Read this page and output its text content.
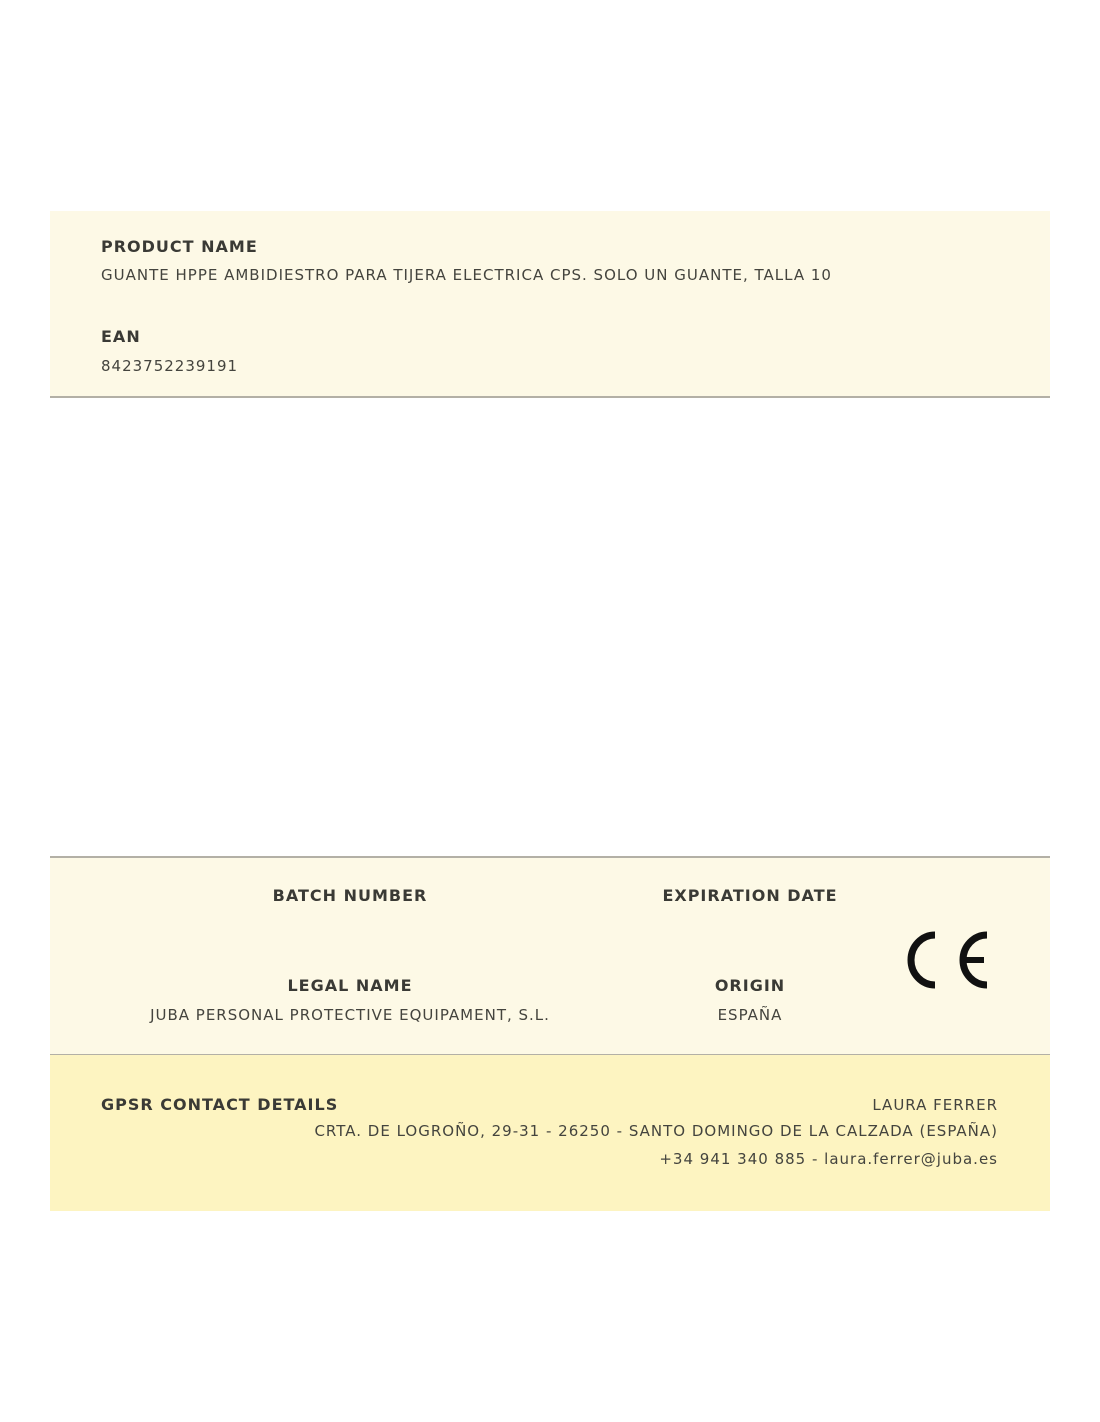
PRODUCT NAME
GUANTE HPPE AMBIDIESTRO PARA TIJERA ELECTRICA CPS. SOLO UN GUANTE, TALLA 10
EAN
8423752239191
BATCH NUMBER	EXPIRATION DATE
LEGAL NAME
JUBA PERSONAL PROTECTIVE EQUIPAMENT, S.L.
ORIGIN
ESPAÑA
GPSR CONTACT DETAILS	LAURA FERRER
CRTA. DE LOGROÑO, 29-31 - 26250 - SANTO DOMINGO DE LA CALZADA (ESPAÑA)
+34 941 340 885 - laura.ferrer@juba.es
